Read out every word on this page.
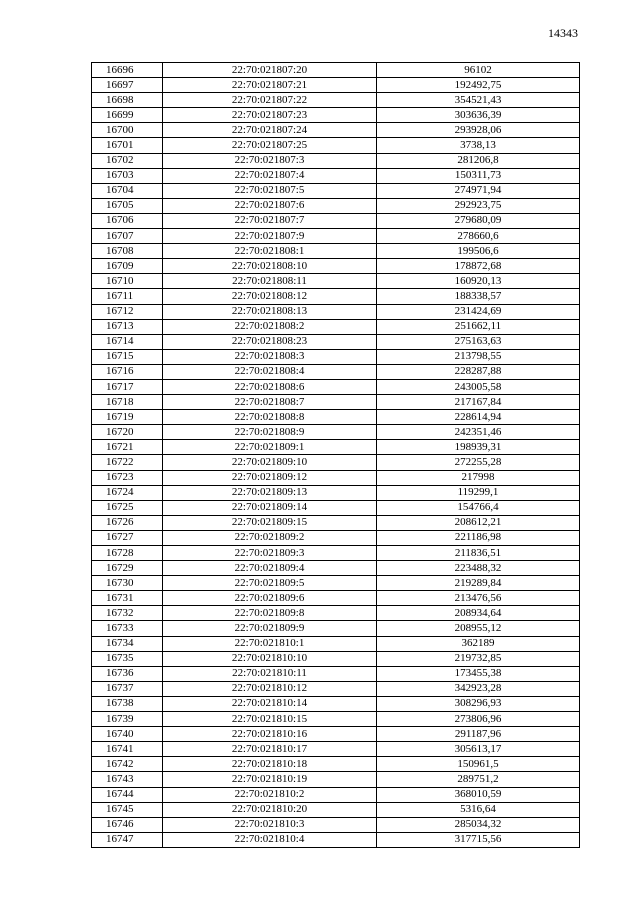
14343
16696	22:70:021807:20	96102
16697	22:70:021807:21	192492,75
16698	22:70:021807:22	354521,43
16699	22:70:021807:23	303636,39
16700	22:70:021807:24	293928,06
16701	22:70:021807:25	3738,13
16702	22:70:021807:3	281206,8
16703	22:70:021807:4	150311,73
16704	22:70:021807:5	274971,94
16705	22:70:021807:6	292923,75
16706	22:70:021807:7	279680,09
16707	22:70:021807:9	278660,6
16708	22:70:021808:1	199506,6
16709	22:70:021808:10	178872,68
16710	22:70:021808:11	160920,13
16711	22:70:021808:12	188338,57
16712	22:70:021808:13	231424,69
16713	22:70:021808:2	251662,11
16714	22:70:021808:23	275163,63
16715	22:70:021808:3	213798,55
16716	22:70:021808:4	228287,88
16717	22:70:021808:6	243005,58
16718	22:70:021808:7	217167,84
16719	22:70:021808:8	228614,94
16720	22:70:021808:9	242351,46
16721	22:70:021809:1	198939,31
16722	22:70:021809:10	272255,28
16723	22:70:021809:12	217998
16724	22:70:021809:13	119299,1
16725	22:70:021809:14	154766,4
16726	22:70:021809:15	208612,21
16727	22:70:021809:2	221186,98
16728	22:70:021809:3	211836,51
16729	22:70:021809:4	223488,32
16730	22:70:021809:5	219289,84
16731	22:70:021809:6	213476,56
16732	22:70:021809:8	208934,64
16733	22:70:021809:9	208955,12
16734	22:70:021810:1	362189
16735	22:70:021810:10	219732,85
16736	22:70:021810:11	173455,38
16737	22:70:021810:12	342923,28
16738	22:70:021810:14	308296,93
16739	22:70:021810:15	273806,96
16740	22:70:021810:16	291187,96
16741	22:70:021810:17	305613,17
16742	22:70:021810:18	150961,5
16743	22:70:021810:19	289751,2
16744	22:70:021810:2	368010,59
16745	22:70:021810:20	5316,64
16746	22:70:021810:3	285034,32
16747	22:70:021810:4	317715,56
